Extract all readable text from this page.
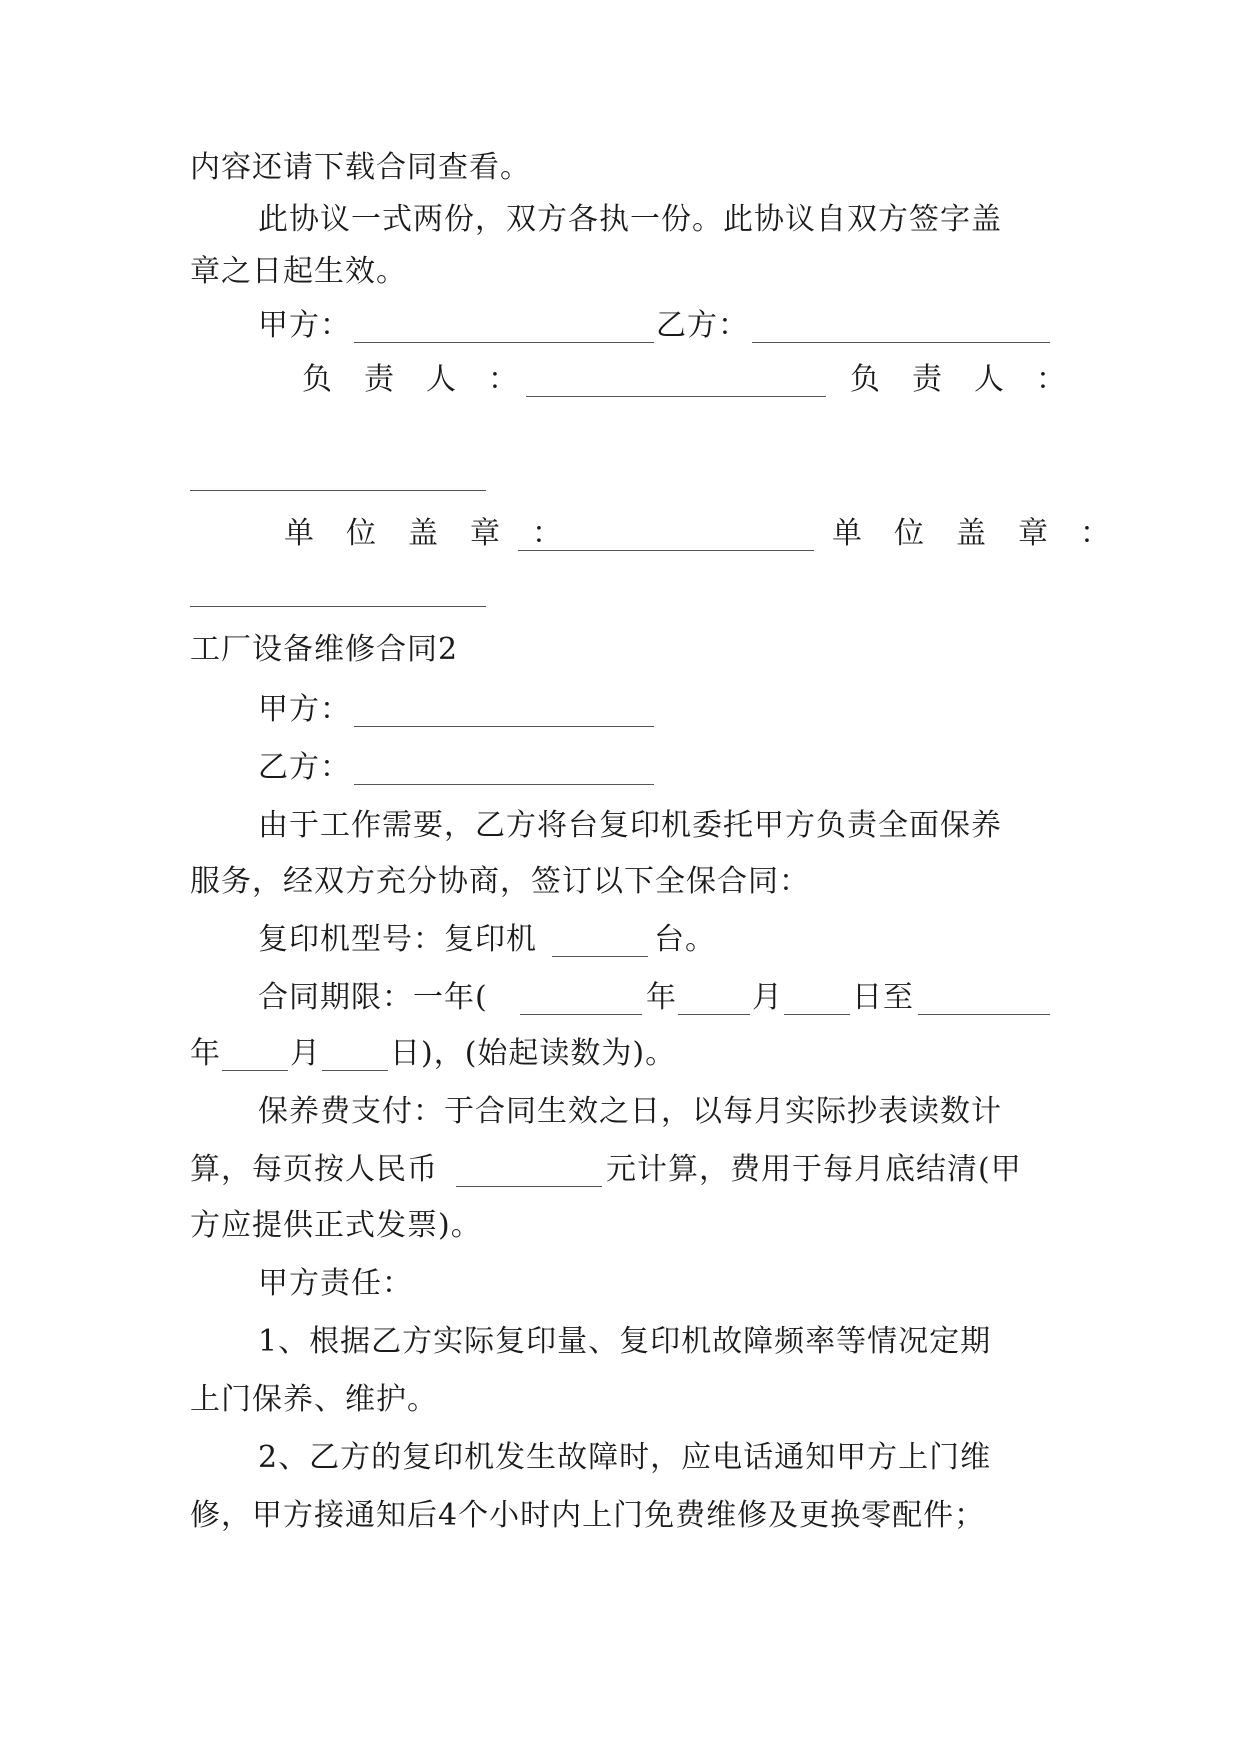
内容还请下载合同查看。
此协议一式两份，双方各执一份。此协议自双方签字盖
章之日起生效。

甲方：

	乙方：

负　责　人　：

	负　责　人　：

单　位　盖　章　：

	单　位　盖　章　：

工厂设备维修合同2

甲方：

乙方：

由于工作需要，乙方将台复印机委托甲方负责全面保养
服务，经双方充分协商，签订以下全保合同：

复印机型号：复印机

	台。

合同期限：一年(

	年

	月

日至

年

月

日)，(始起读数为)。

保养费支付：于合同生效之日，以每月实际抄表读数计

算，每页按人民币

	元计算，费用于每月底结清(甲

方应提供正式发票)。
甲方责任：
1、根据乙方实际复印量、复印机故障频率等情况定期
上门保养、维护。
2、乙方的复印机发生故障时，应电话通知甲方上门维
修，甲方接通知后4个小时内上门免费维修及更换零配件；
